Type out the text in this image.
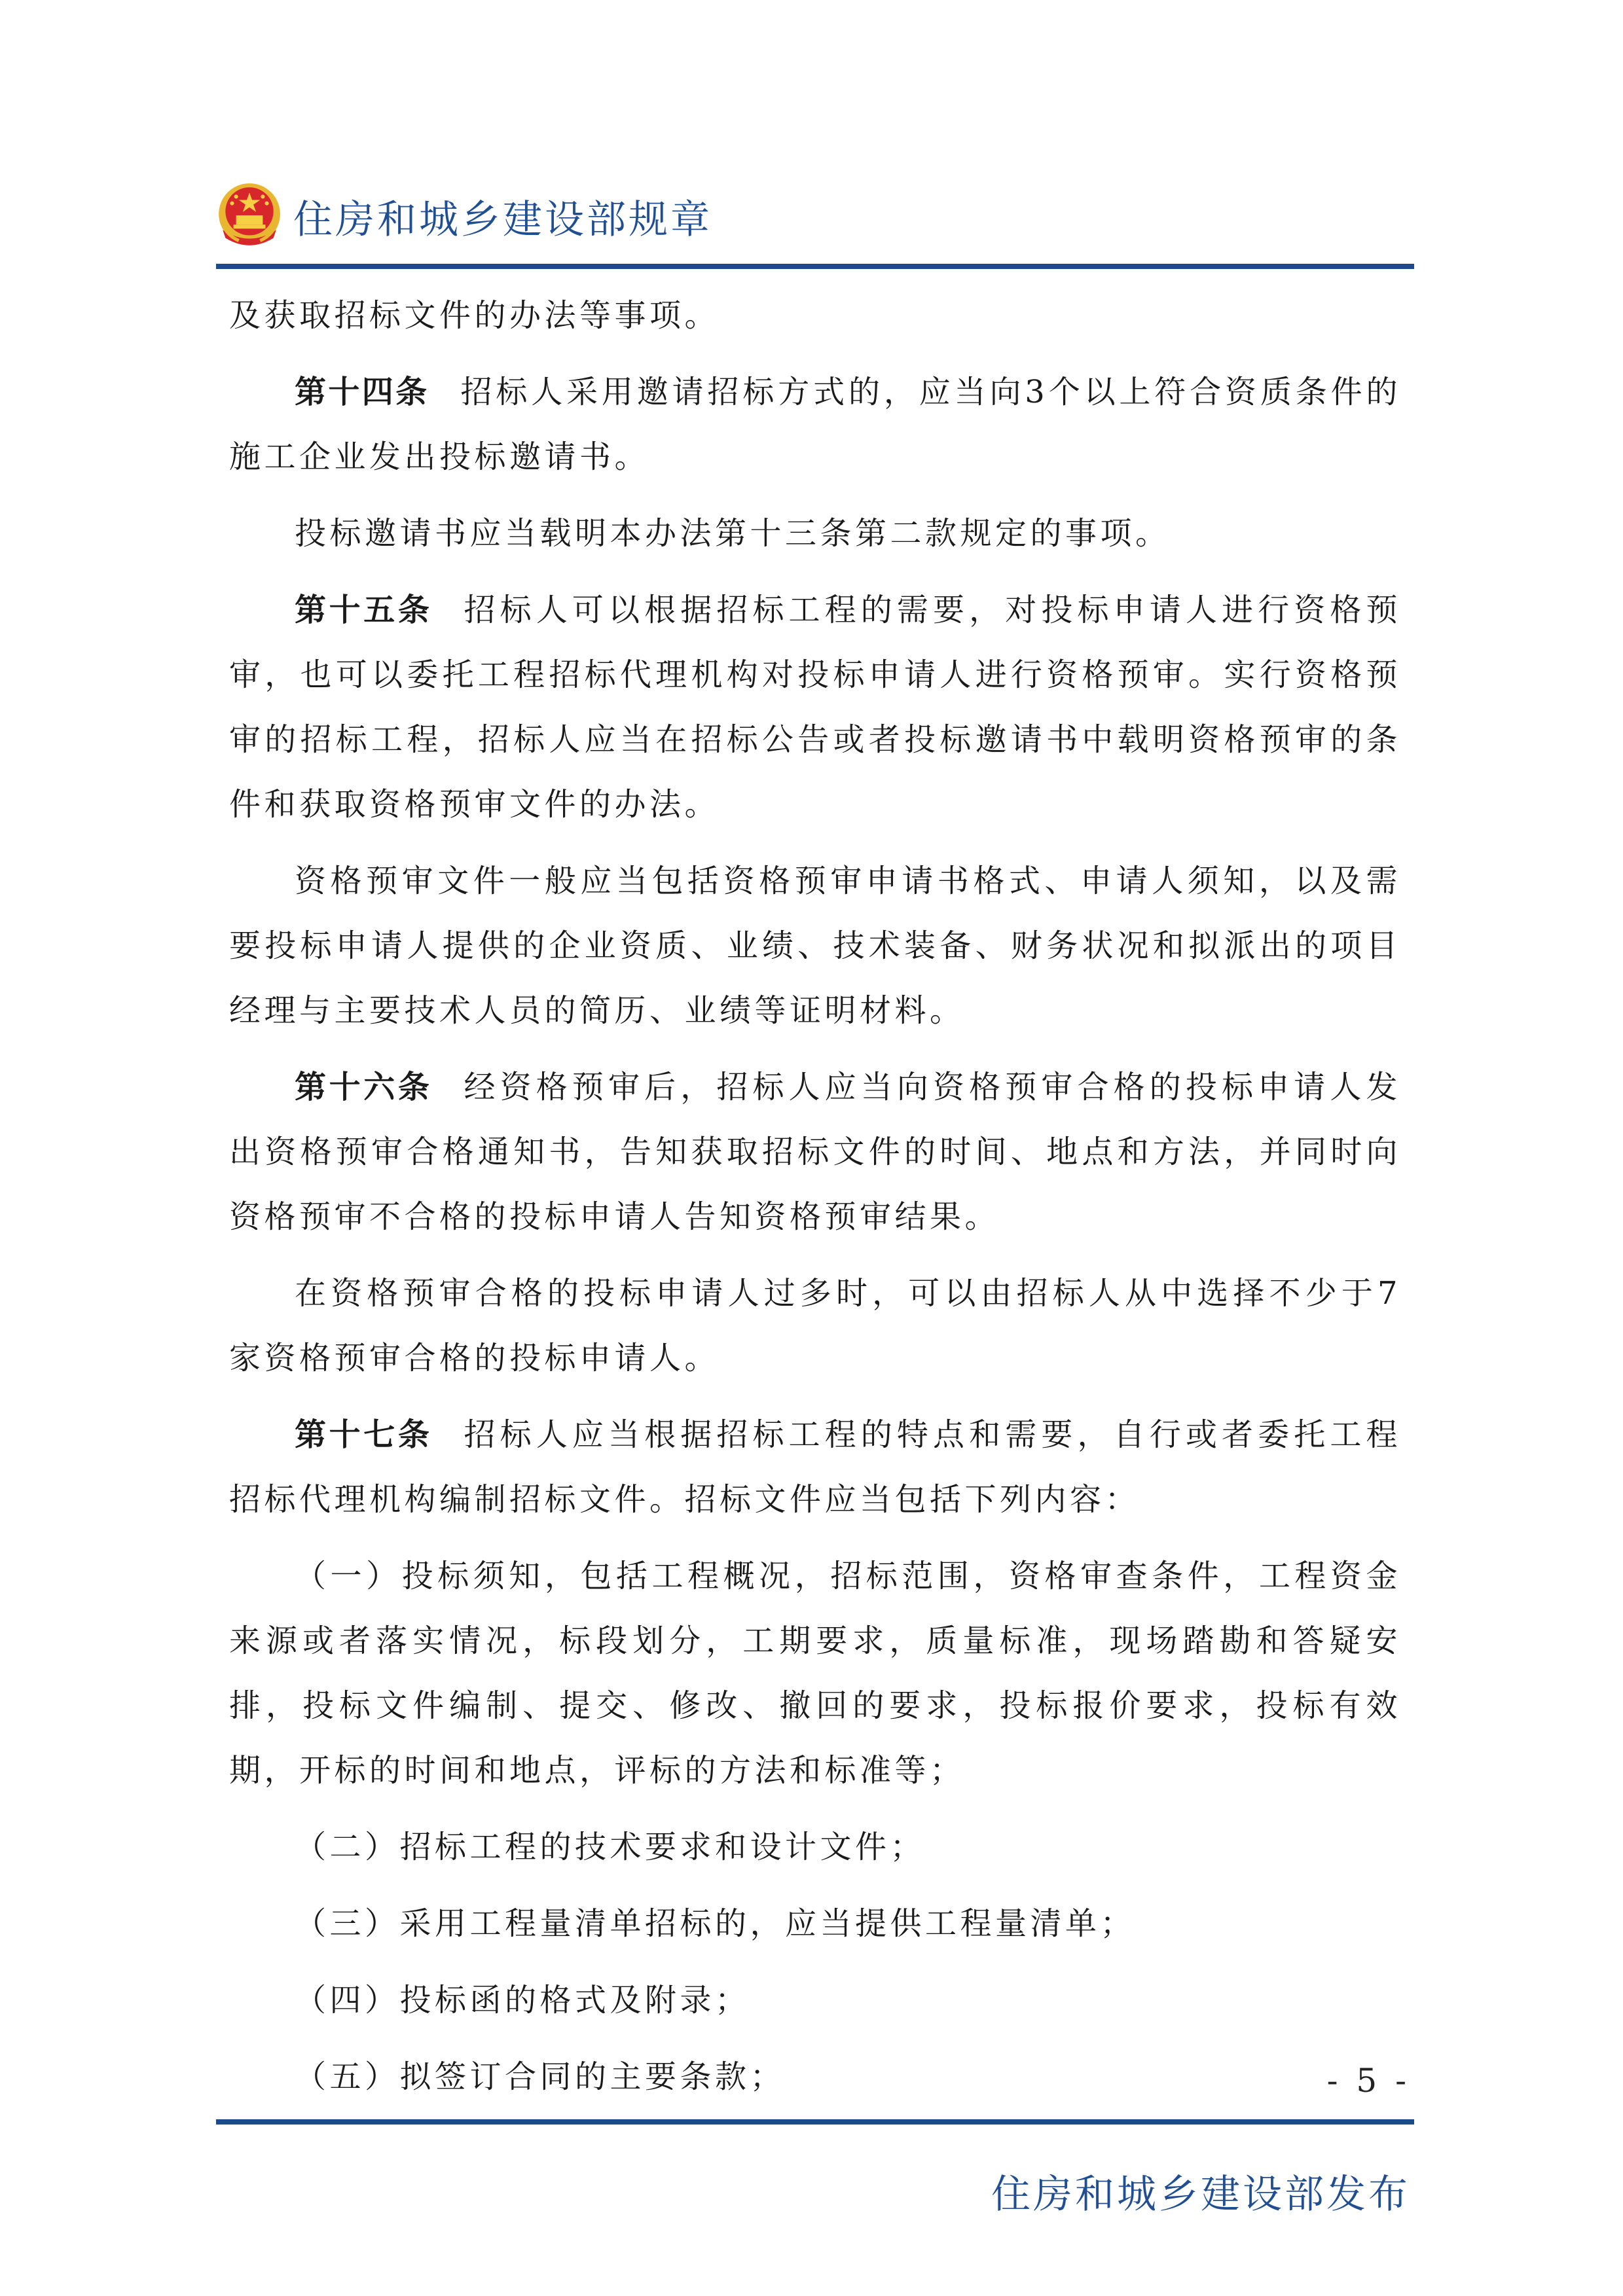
住房和城乡建设部规章

及获取招标文件的办法等事项。

第十四条 招标人采用邀请招标方式的，应当向3个以上符合资质条件的施工企业发出投标邀请书。

投标邀请书应当载明本办法第十三条第二款规定的事项。

第十五条 招标人可以根据招标工程的需要，对投标申请人进行资格预审，也可以委托工程招标代理机构对投标申请人进行资格预审。实行资格预审的招标工程，招标人应当在招标公告或者投标邀请书中载明资格预审的条件和获取资格预审文件的办法。

资格预审文件一般应当包括资格预审申请书格式、申请人须知，以及需要投标申请人提供的企业资质、业绩、技术装备、财务状况和拟派出的项目经理与主要技术人员的简历、业绩等证明材料。

第十六条 经资格预审后，招标人应当向资格预审合格的投标申请人发出资格预审合格通知书，告知获取招标文件的时间、地点和方法，并同时向资格预审不合格的投标申请人告知资格预审结果。

在资格预审合格的投标申请人过多时，可以由招标人从中选择不少于7家资格预审合格的投标申请人。

第十七条 招标人应当根据招标工程的特点和需要，自行或者委托工程招标代理机构编制招标文件。招标文件应当包括下列内容：

（一）投标须知，包括工程概况，招标范围，资格审查条件，工程资金来源或者落实情况，标段划分，工期要求，质量标准，现场踏勘和答疑安排，投标文件编制、提交、修改、撤回的要求，投标报价要求，投标有效期，开标的时间和地点，评标的方法和标准等；

（二）招标工程的技术要求和设计文件；

（三）采用工程量清单招标的，应当提供工程量清单；

（四）投标函的格式及附录；

（五）拟签订合同的主要条款；	- 5 -
住房和城乡建设部发布
